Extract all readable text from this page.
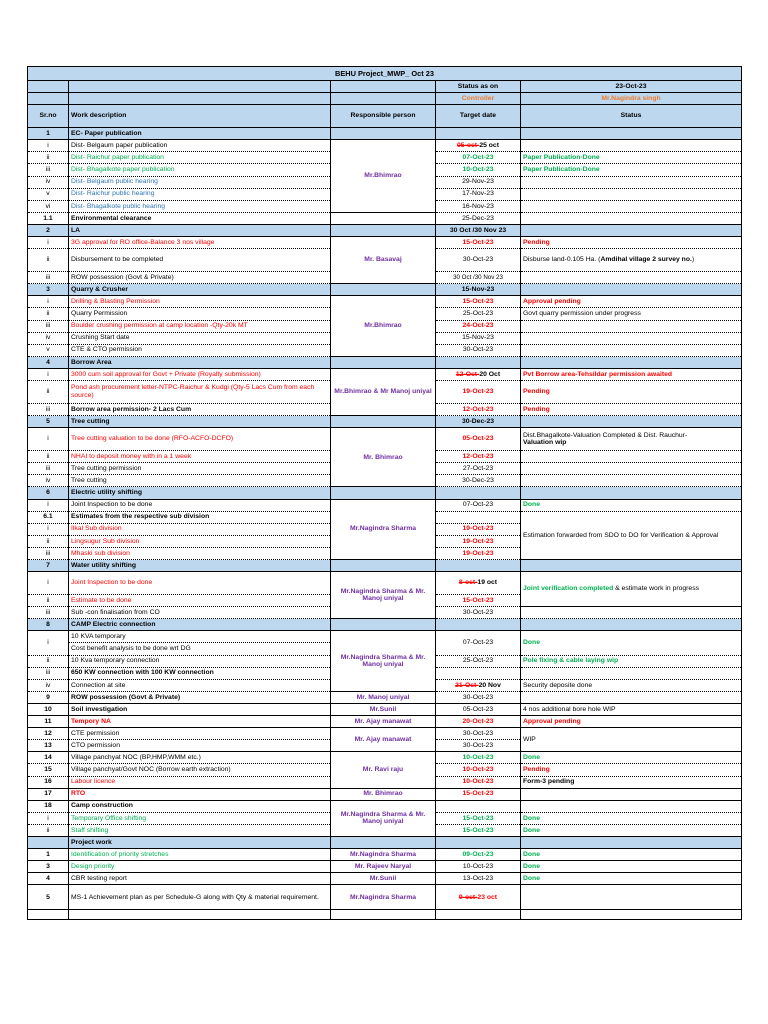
BEHU Project_MWP_ Oct 23				
			Status as on	23-Oct-23
			Controller	Mr.Nagindra singh
Sr.no	Work description	Responsible person	Target date	Status
1	EC- Paper publication			
i	Dist- Belgaum paper publication	Mr.Bhimrao	05-oct-25 oct	
ii	Dist- Raichur paper publication		07-Oct-23	Paper Publication-Done
iii	Dist- Bhagalkote paper publication		10-Oct-23	Paper Publication-Done
iv	Dist- Belgaum public hearing		29-Nov-23	
v	Dist- Raichur public hearing		17-Nov-23	
vi	Dist- Bhagalkote public hearing		16-Nov-23	
1.1	Environmental clearance		25-Dec-23	
2	LA		30 Oct /30 Nov 23	
i	3G approval for RO office-Balance 3 nos village	Mr. Basavaj	15-Oct-23	Pending
ii	Disbursement to be completed		30-Oct-23	Disburse land-0.105 Ha. (Amdihal village 2 survey no.)
iii	ROW possession (Govt & Private)		30 Oct /30 Nov 23	
3	Quarry & Crusher		15-Nov-23	
i	Drilling & Blasting Permission	Mr.Bhimrao	15-Oct-23	Approval pending
ii	Quarry Permission		25-Oct-23	Govt quarry permission under progress
iii	Boulder crushing permission at camp location -Qty-20k MT		24-Oct-23	
iv	Crushing Start date		15-Nov-23	
v	CTE & CTO permission		30-Oct-23	
4	Borrow Area			
i	3000 cum soil approval for Govt + Private (Royalty submission)	Mr.Bhimrao & Mr Manoj uniyal	12-Oct-20 Oct	Pvt Borrow area-Tehsildar permission awaited
ii	Pond ash procurement letter-NTPC-Raichur & Kudgi (Qty-5 Lacs Cum from each source)		19-Oct-23	Pending
iii	Borrow area permission- 2 Lacs Cum		12-Oct-23	Pending
5	Tree cutting		30-Dec-23	
i	Tree cutting valuation to be done (RFO-ACFO-DCFO)	Mr. Bhimrao	05-Oct-23	Dist.Bhagalkote-Valuation Completed & Dist. Rauchur-
Valuation wip

ii	NHAI to deposit money with in a 1 week		12-Oct-23	
iii	Tree cutting permission		27-Oct-23	
iv	Tree cutting		30-Dec-23	
6	Electric utility shifting			
i	Joint Inspection to be done	Mr.Nagindra Sharma	07-Oct-23	Done
6.1	Estimates from the respective sub division			Estimation forwarded from SDO to DO for Verification & Approval
i	Ilkal Sub division		19-Oct-23	
ii	Lingsugur Sub division		19-Oct-23	
iii	Mhaski sub division		19-Oct-23	
7	Water utility shifting			
i	Joint Inspection to be done	Mr.Nagindra Sharma & Mr. Manoj uniyal	8-oct-19 oct	Joint verification completed & estimate work in progress
ii	Estimate to be done		15-Oct-23	
iii	Sub -con finalisation from CO		30-Oct-23	
8	CAMP Electric connection			
i	10 KVA temporary	Mr.Nagindra Sharma & Mr. Manoj uniyal	07-Oct-23	Done
	Cost benefit analysis to be done wrt DG			
ii	10 Kva temporary connection		25-Oct-23	Pole fixing & cable laying wip
iii	650 KW connection with 100 KW connection			
iv	Connection at site		21-Oct-20 Nov	Security deposite done
9	ROW possession (Govt & Private)	Mr. Manoj uniyal	30-Oct-23	
10	Soil investigation	Mr.Sunil	05-Oct-23	4 nos additional bore hole WIP
11	Tempory NA	Mr. Ajay manawat	20-Oct-23	Approval pending
12	CTE permission	Mr. Ajay manawat	30-Oct-23	WIP
13	CTO permission		30-Oct-23	
14	Village panchyat NOC (BP,HMP,WMM etc.)	Mr. Ravi raju	10-Oct-23	Done
15	Village panchyat/Govt NOC (Borrow earth extraction)		10-Oct-23	Pending
16	Labour licence		10-Oct-23	Form-3 pending
17	RTO	Mr. Bhimrao	15-Oct-23	
18	Camp construction	Mr.Nagindra Sharma & Mr. Manoj uniyal		
i	Temporary Office shifting		15-Oct-23	Done
ii	Staff shifting		15-Oct-23	Done
	Project work			
1	Identification of priority stretches	Mr.Nagindra Sharma	09-Oct-23	Done
3	Design priority	Mr. Rajeev Naryal	10-Oct-23	Done
4	CBR testing report	Mr.Sunil	13-Oct-23	Done
5	MS-1 Achievement plan as per Schedule-G along with Qty & material requirement.	Mr.Nagindra Sharma	9-oct-23 oct	
